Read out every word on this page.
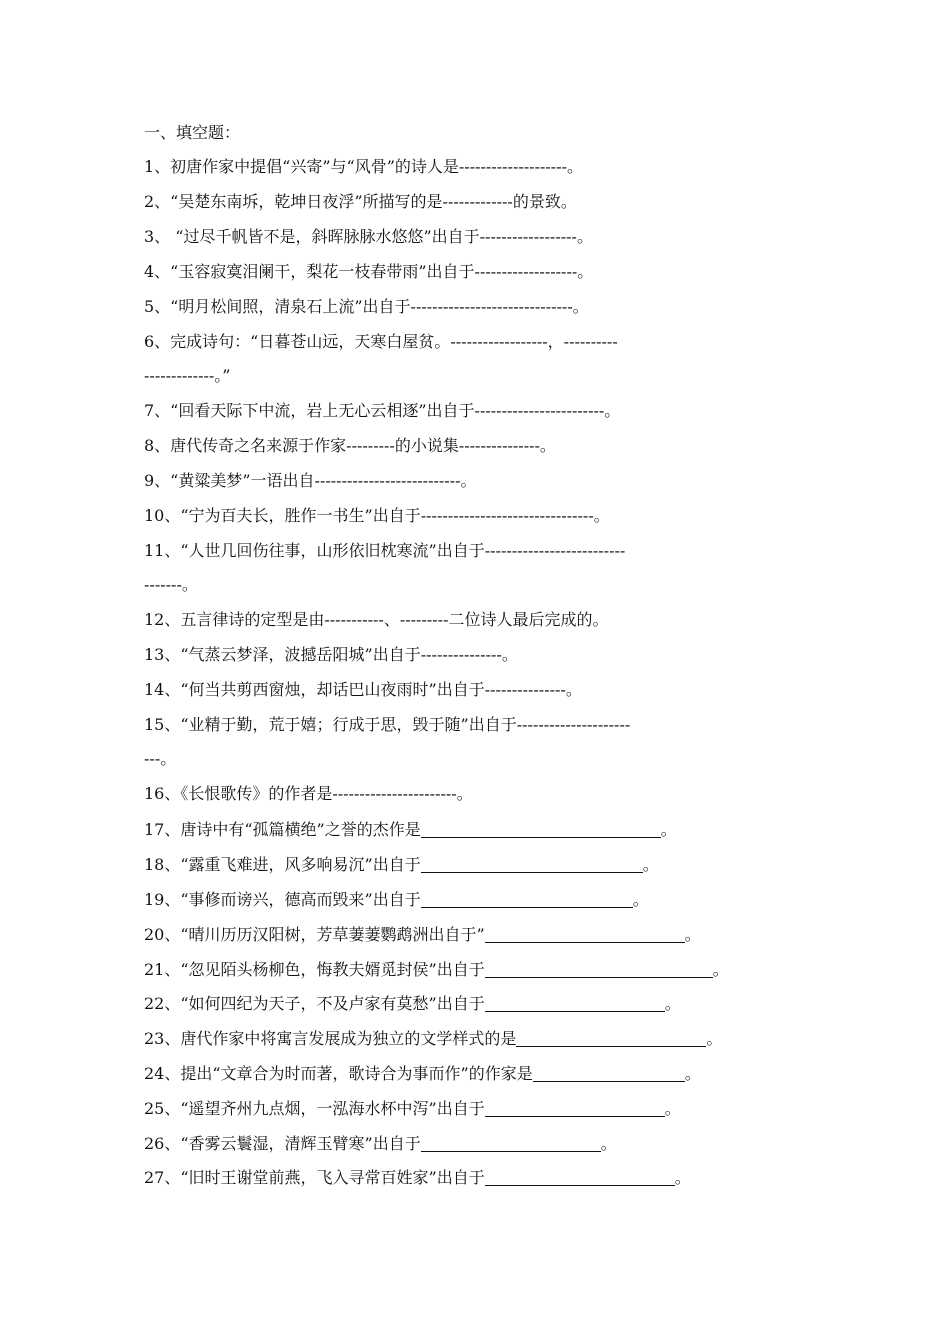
一、填空题：
1、初唐作家中提倡“兴寄”与“风骨”的诗人是--------------------。
2、“吴楚东南坼，乾坤日夜浮”所描写的是-------------的景致。
3、 “过尽千帆皆不是，斜晖脉脉水悠悠”出自于------------------。
4、“玉容寂寞泪阑干，梨花一枝春带雨”出自于-------------------。
5、“明月松间照，清泉石上流”出自于------------------------------。
6、完成诗句：“日暮苍山远，天寒白屋贫。------------------，----------
-------------。”
7、“回看天际下中流，岩上无心云相逐”出自于------------------------。
8、唐代传奇之名来源于作家---------的小说集---------------。
9、“黄粱美梦”一语出自---------------------------。
10、“宁为百夫长，胜作一书生”出自于--------------------------------。
11、“人世几回伤往事，山形依旧枕寒流”出自于--------------------------
-------。
12、五言律诗的定型是由-----------、---------二位诗人最后完成的。
13、“气蒸云梦泽，波撼岳阳城”出自于---------------。
14、“何当共剪西窗烛，却话巴山夜雨时”出自于---------------。
15、“业精于勤，荒于嬉；行成于思，毁于随”出自于---------------------
---。
16、《长恨歌传》的作者是-----------------------。
17、唐诗中有“孤篇横绝”之誉的杰作是	。
18、“露重飞难进，风多响易沉”出自于	。
19、“事修而谤兴，德高而毁来”出自于	。
20、“晴川历历汉阳树，芳草萋萋鹦鹉洲出自于”	。
21、“忽见陌头杨柳色，悔教夫婿觅封侯”出自于	。
22、“如何四纪为天子，不及卢家有莫愁”出自于	。
23、唐代作家中将寓言发展成为独立的文学样式的是	。
24、提出“文章合为时而著，歌诗合为事而作”的作家是	。
25、“遥望齐州九点烟，一泓海水杯中泻”出自于	。
26、“香雾云鬟湿，清辉玉臂寒”出自于	。
27、“旧时王谢堂前燕，飞入寻常百姓家”出自于	。
